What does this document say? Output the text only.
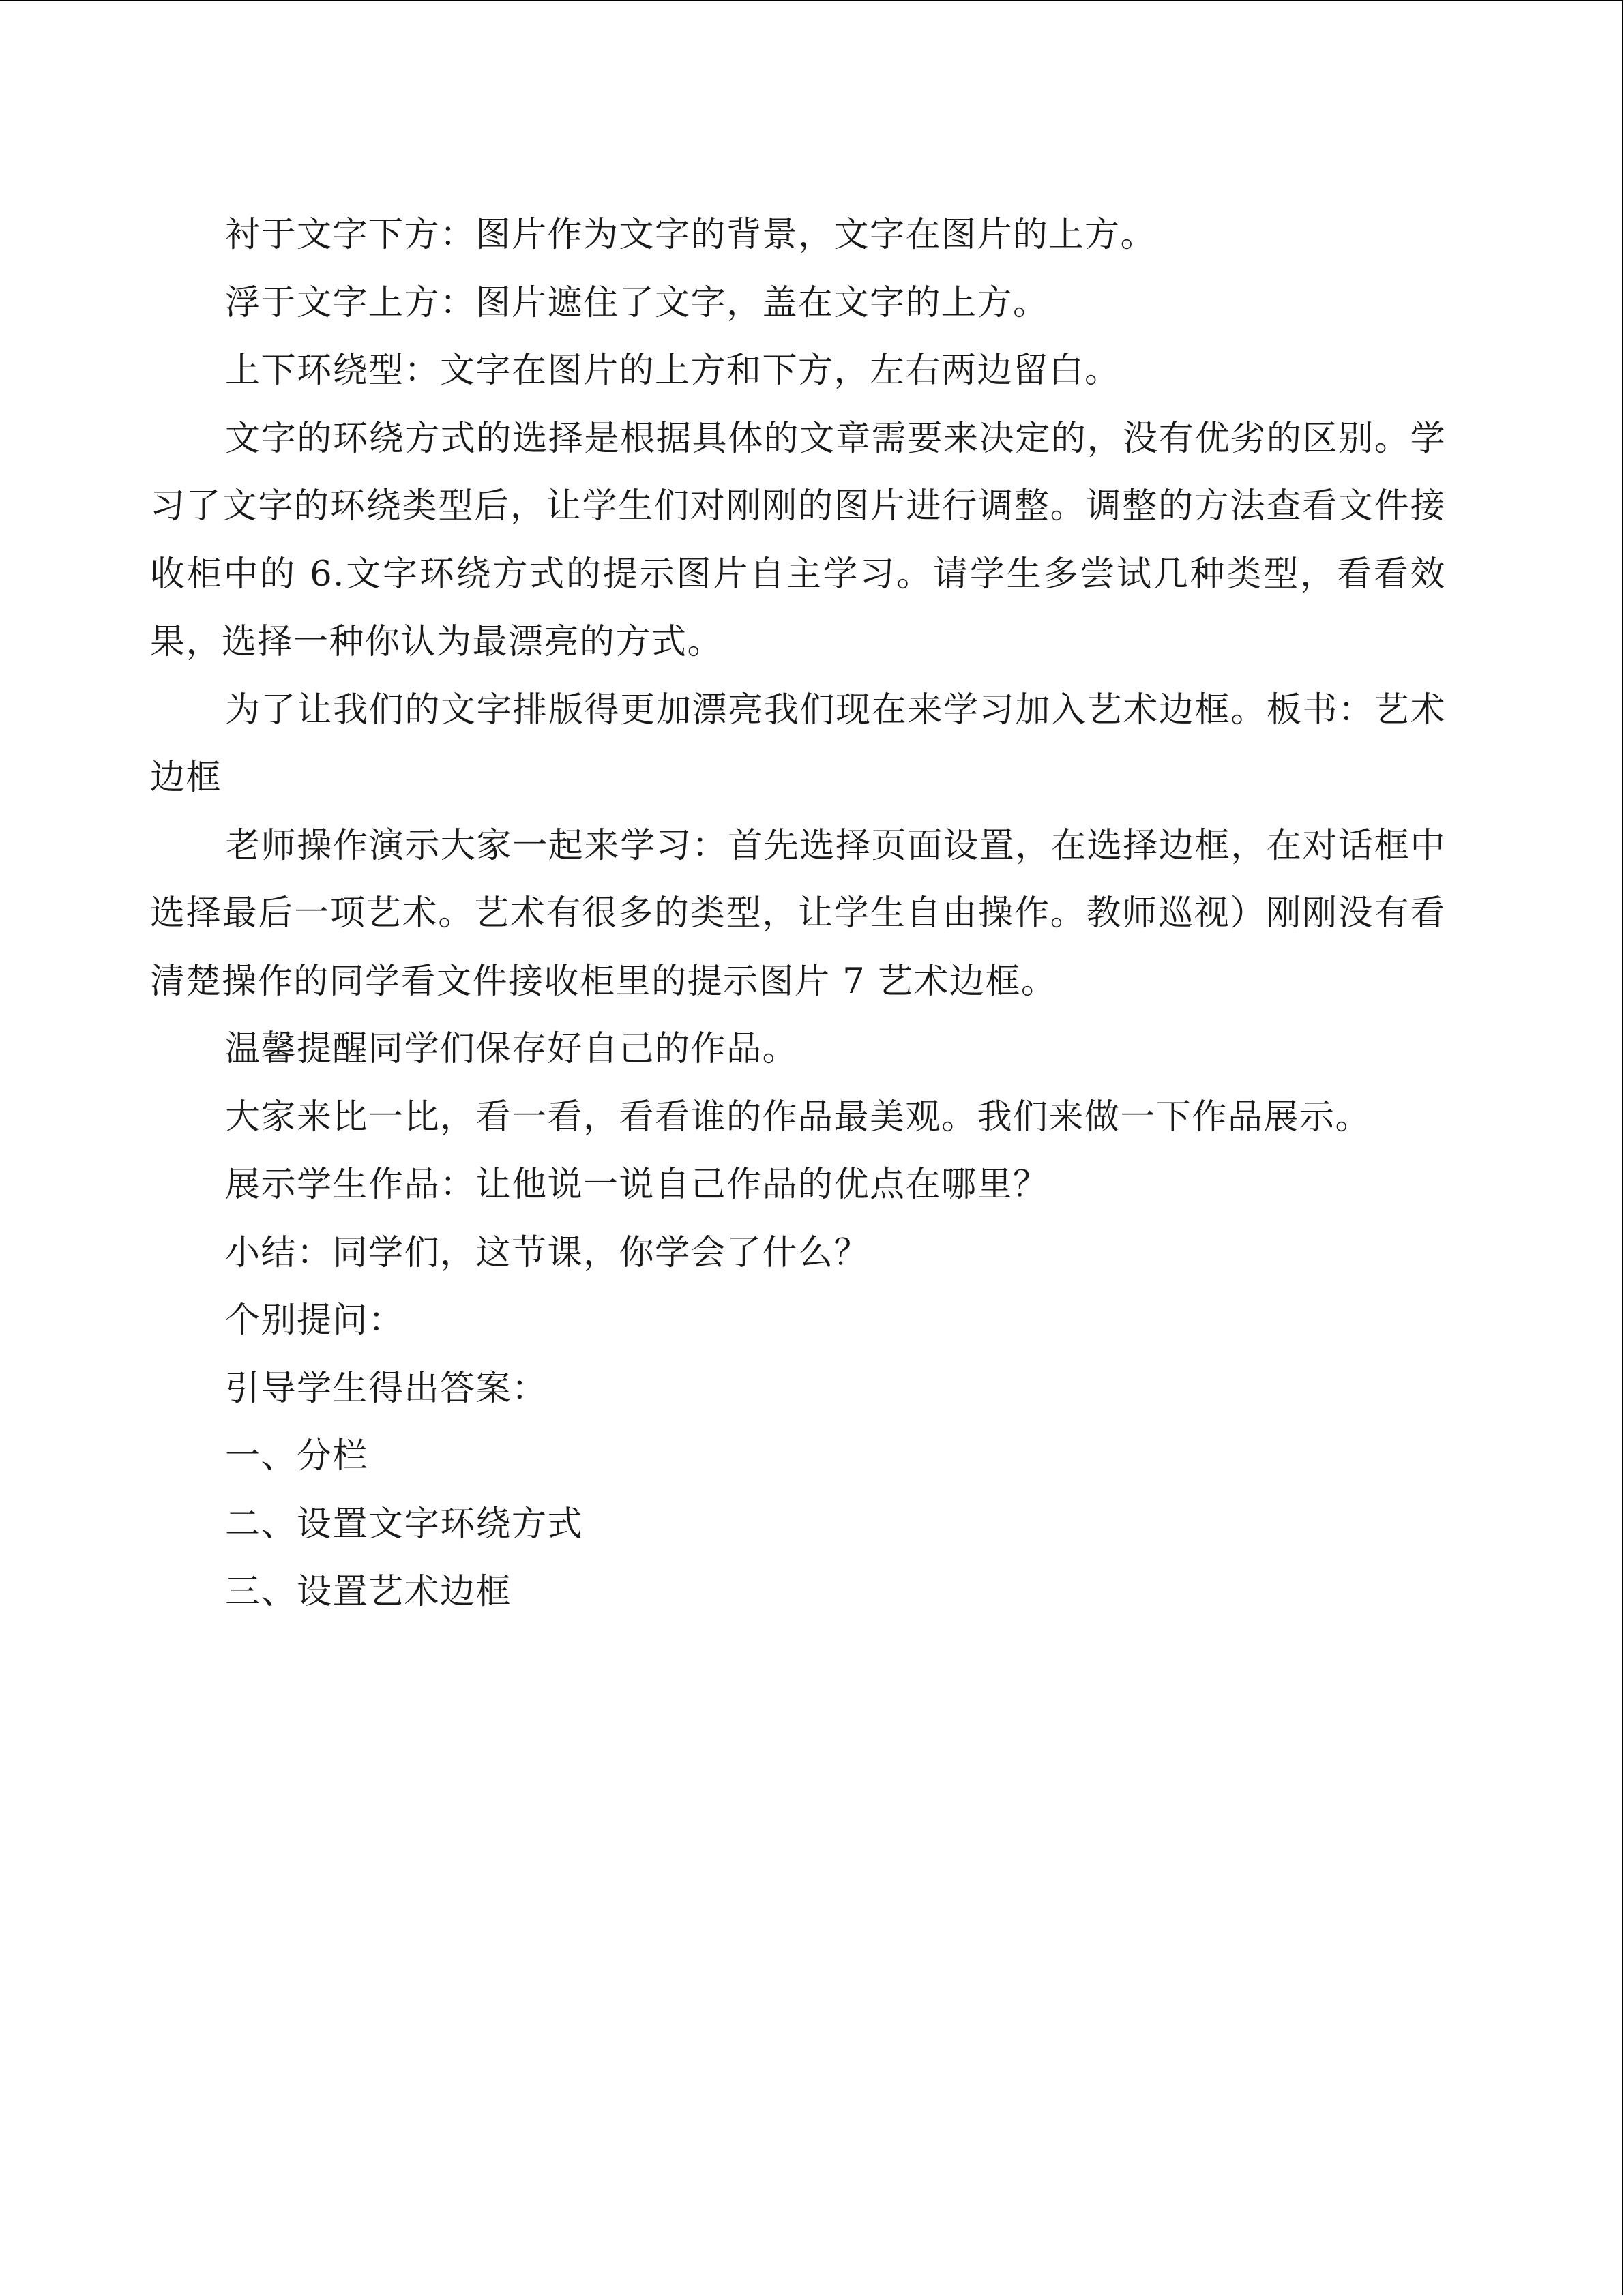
衬于文字下方：图片作为文字的背景，文字在图片的上方。

浮于文字上方：图片遮住了文字，盖在文字的上方。

上下环绕型：文字在图片的上方和下方，左右两边留白。

文字的环绕方式的选择是根据具体的文章需要来决定的，没有优劣的区别。学习了文字的环绕类型后，让学生们对刚刚的图片进行调整。调整的方法查看文件接收柜中的 6.文字环绕方式的提示图片自主学习。请学生多尝试几种类型，看看效果，选择一种你认为最漂亮的方式。

为了让我们的文字排版得更加漂亮我们现在来学习加入艺术边框。板书：艺术边框

老师操作演示大家一起来学习：首先选择页面设置，在选择边框，在对话框中选择最后一项艺术。艺术有很多的类型，让学生自由操作。教师巡视）刚刚没有看清楚操作的同学看文件接收柜里的提示图片 7 艺术边框。

温馨提醒同学们保存好自己的作品。

大家来比一比，看一看，看看谁的作品最美观。我们来做一下作品展示。

展示学生作品：让他说一说自己作品的优点在哪里？

小结：同学们，这节课，你学会了什么？

个别提问：

引导学生得出答案：

一、分栏

二、设置文字环绕方式

三、设置艺术边框
